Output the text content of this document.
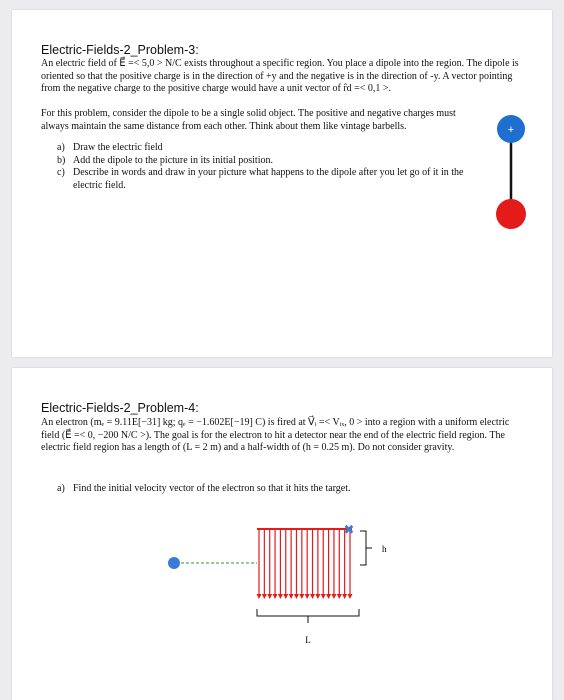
Electric-Fields-2_Problem-3:
An electric field of E⃗ =< 5,0 > N/C exists throughout a specific region. You place a dipole into the region. The dipole is oriented so that the positive charge is in the direction of +y and the negative is in the direction of -y. A vector pointing from the negative charge to the positive charge would have a unit vector of r̂d =< 0,1 >.
For this problem, consider the dipole to be a single solid object. The positive and negative charges must always maintain the same distance from each other. Think about them like vintage barbells.
a) Draw the electric field
b) Add the dipole to the picture in its initial position.
c) Describe in words and draw in your picture what happens to the dipole after you let go of it in the electric field.
+
Electric-Fields-2_Problem-4:
An electron (mₑ = 9.11E[−31] kg; qₑ = −1.602E[−19] C) is fired at V⃗ᵢ =< Vᵢₓ, 0 > into a region with a uniform electric field (E⃗ =< 0, −200 N/C >). The goal is for the electron to hit a detector near the end of the electric field region. The electric field region has a length of (L = 2 m) and a half-width of (h = 0.25 m). Do not consider gravity.
a) Find the initial velocity vector of the electron so that it hits the target.
✖
h
L
